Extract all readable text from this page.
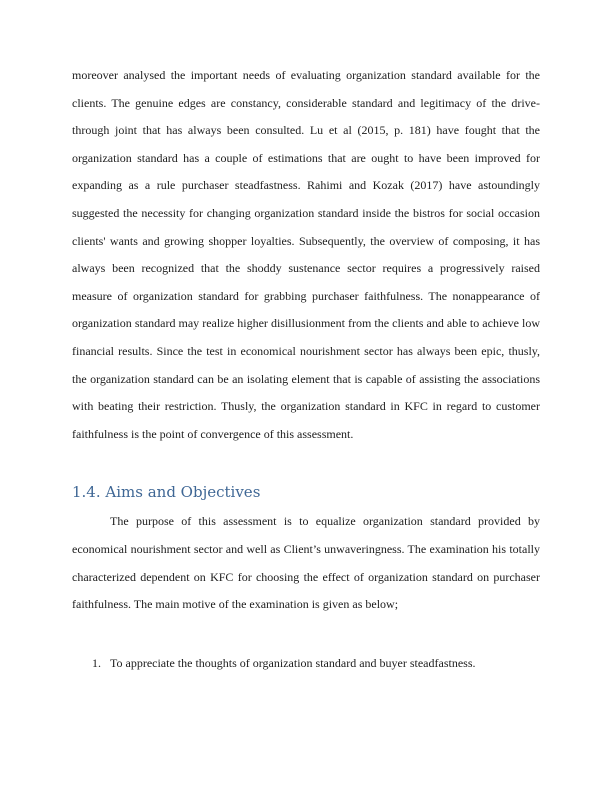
moreover analysed the important needs of evaluating organization standard available for the clients. The genuine edges are constancy, considerable standard and legitimacy of the drive-through joint that has always been consulted. Lu et al (2015, p. 181) have fought that the organization standard has a couple of estimations that are ought to have been improved for expanding as a rule purchaser steadfastness. Rahimi and Kozak (2017) have astoundingly suggested the necessity for changing organization standard inside the bistros for social occasion clients' wants and growing shopper loyalties. Subsequently, the overview of composing, it has always been recognized that the shoddy sustenance sector requires a progressively raised measure of organization standard for grabbing purchaser faithfulness. The nonappearance of organization standard may realize higher disillusionment from the clients and able to achieve low financial results. Since the test in economical nourishment sector has always been epic, thusly, the organization standard can be an isolating element that is capable of assisting the associations with beating their restriction. Thusly, the organization standard in KFC in regard to customer faithfulness is the point of convergence of this assessment.

1.4. Aims and Objectives

The purpose of this assessment is to equalize organization standard provided by economical nourishment sector and well as Client’s unwaveringness. The examination his totally characterized dependent on KFC for choosing the effect of organization standard on purchaser faithfulness. The main motive of the examination is given as below;

1. To appreciate the thoughts of organization standard and buyer steadfastness.
